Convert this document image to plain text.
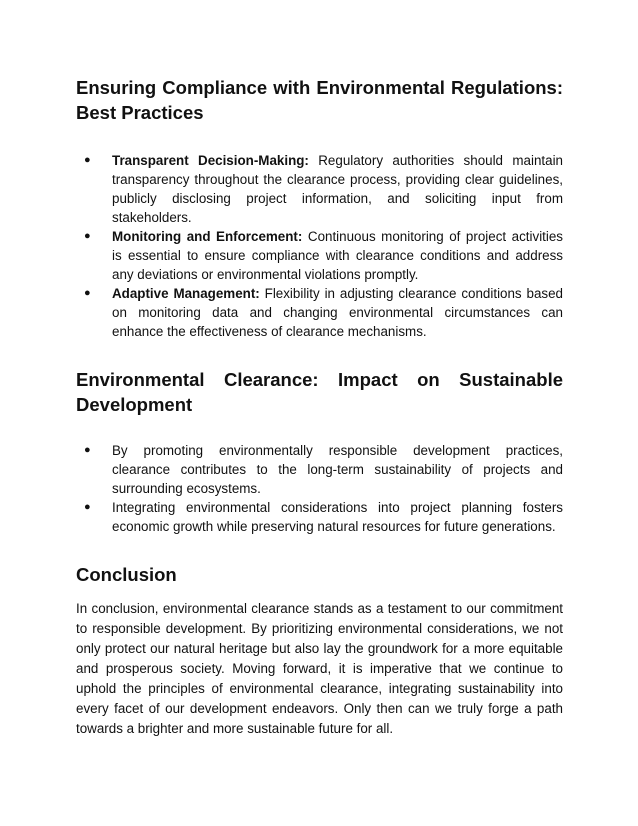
Ensuring Compliance with Environmental Regulations: Best Practices
● Transparent Decision-Making: Regulatory authorities should maintain transparency throughout the clearance process, providing clear guidelines, publicly disclosing project information, and soliciting input from stakeholders.
● Monitoring and Enforcement: Continuous monitoring of project activities is essential to ensure compliance with clearance conditions and address any deviations or environmental violations promptly.
● Adaptive Management: Flexibility in adjusting clearance conditions based on monitoring data and changing environmental circumstances can enhance the effectiveness of clearance mechanisms.
Environmental Clearance: Impact on Sustainable Development
● By promoting environmentally responsible development practices, clearance contributes to the long-term sustainability of projects and surrounding ecosystems.
● Integrating environmental considerations into project planning fosters economic growth while preserving natural resources for future generations.
Conclusion

In conclusion, environmental clearance stands as a testament to our commitment to responsible development. By prioritizing environmental considerations, we not only protect our natural heritage but also lay the groundwork for a more equitable and prosperous society. Moving forward, it is imperative that we continue to uphold the principles of environmental clearance, integrating sustainability into every facet of our development endeavors. Only then can we truly forge a path towards a brighter and more sustainable future for all.
